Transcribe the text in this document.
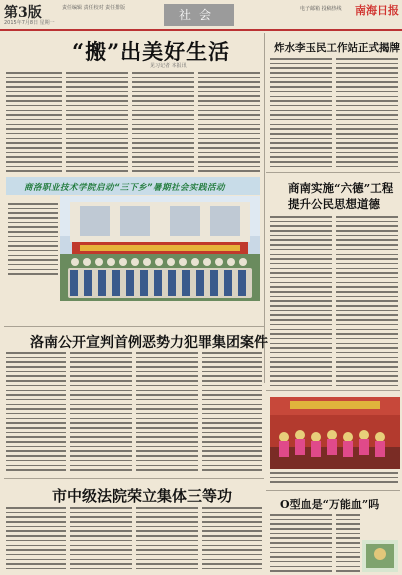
第3版
2015年7月8日 星期一
责任编辑 责任校对 责任排版	社会	电子邮箱 投稿热线 南海日报
“搬”出美好生活
见习记者 本报讯
炸水李玉民工作站正式揭牌
商南实施“六德”工程
提升公民思想道德
商洛职业技术学院启动“三下乡”暑期社会实践活动
洛南公开宣判首例恶势力犯罪集团案件
市中级法院荣立集体三等功	O型血是“万能血”吗
